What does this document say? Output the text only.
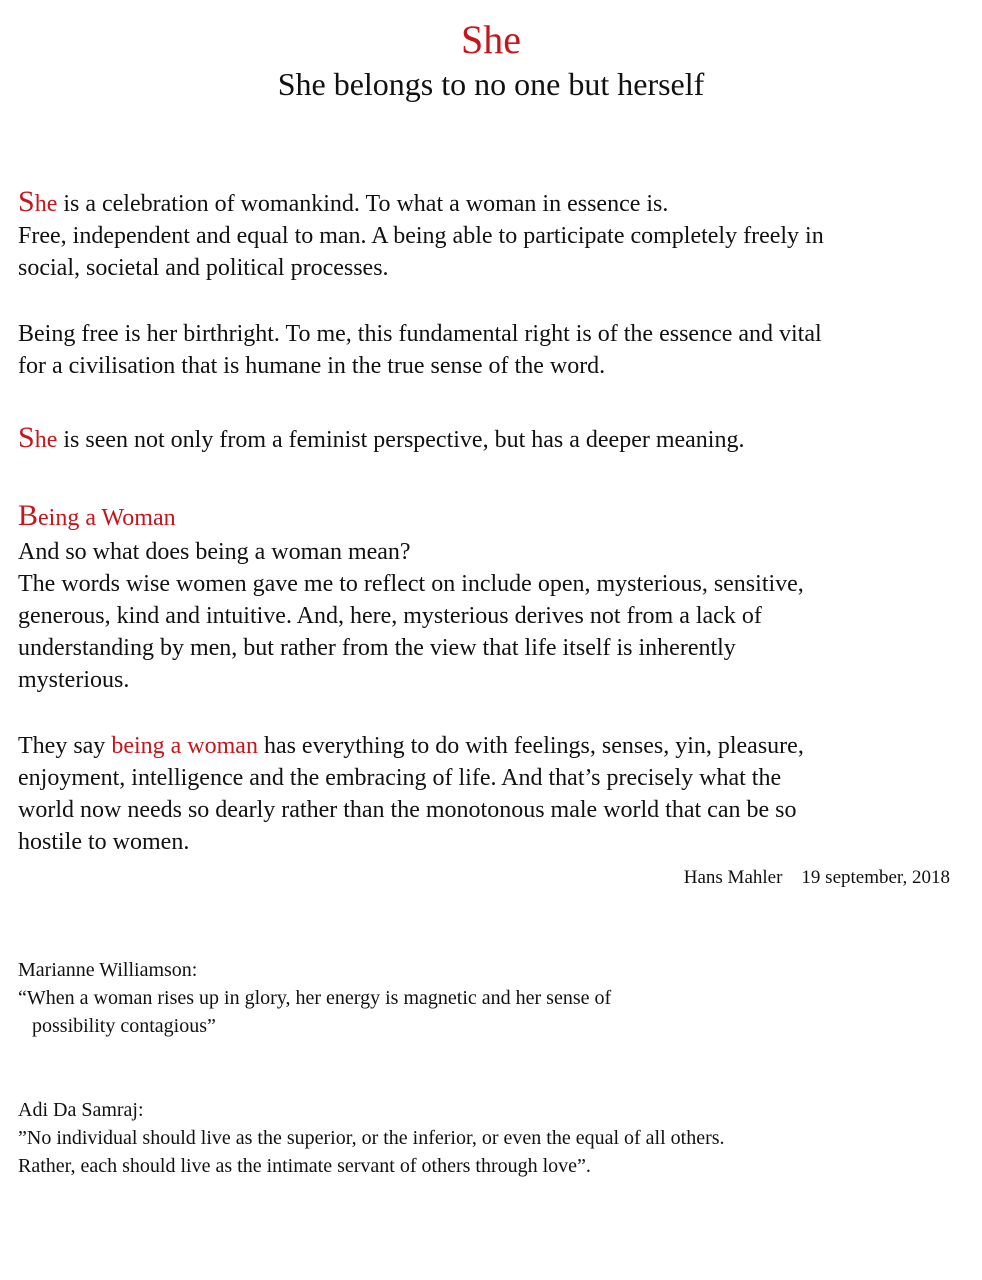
She
She belongs to no one but herself

She is a celebration of womankind. To what a woman in essence is.
Free, independent and equal to man. A being able to participate completely freely in
social, societal and political processes.

Being free is her birthright. To me, this fundamental right is of the essence and vital
for a civilisation that is humane in the true sense of the word.

She is seen not only from a feminist perspective, but has a deeper meaning.

Being a Woman

And so what does being a woman mean?
The words wise women gave me to reflect on include open, mysterious, sensitive,
generous, kind and intuitive. And, here, mysterious derives not from a lack of
understanding by men, but rather from the view that life itself is inherently
mysterious.

They say being a woman has everything to do with feelings, senses, yin, pleasure,
enjoyment, intelligence and the embracing of life. And that’s precisely what the
world now needs so dearly rather than the monotonous male world that can be so
hostile to women.

Hans Mahler 19 september, 2018

Marianne Williamson:
“When a woman rises up in glory, her energy is magnetic and her sense of
possibility contagious”

Adi Da Samraj:
”No individual should live as the superior, or the inferior, or even the equal of all others.
Rather, each should live as the intimate servant of others through love”.
